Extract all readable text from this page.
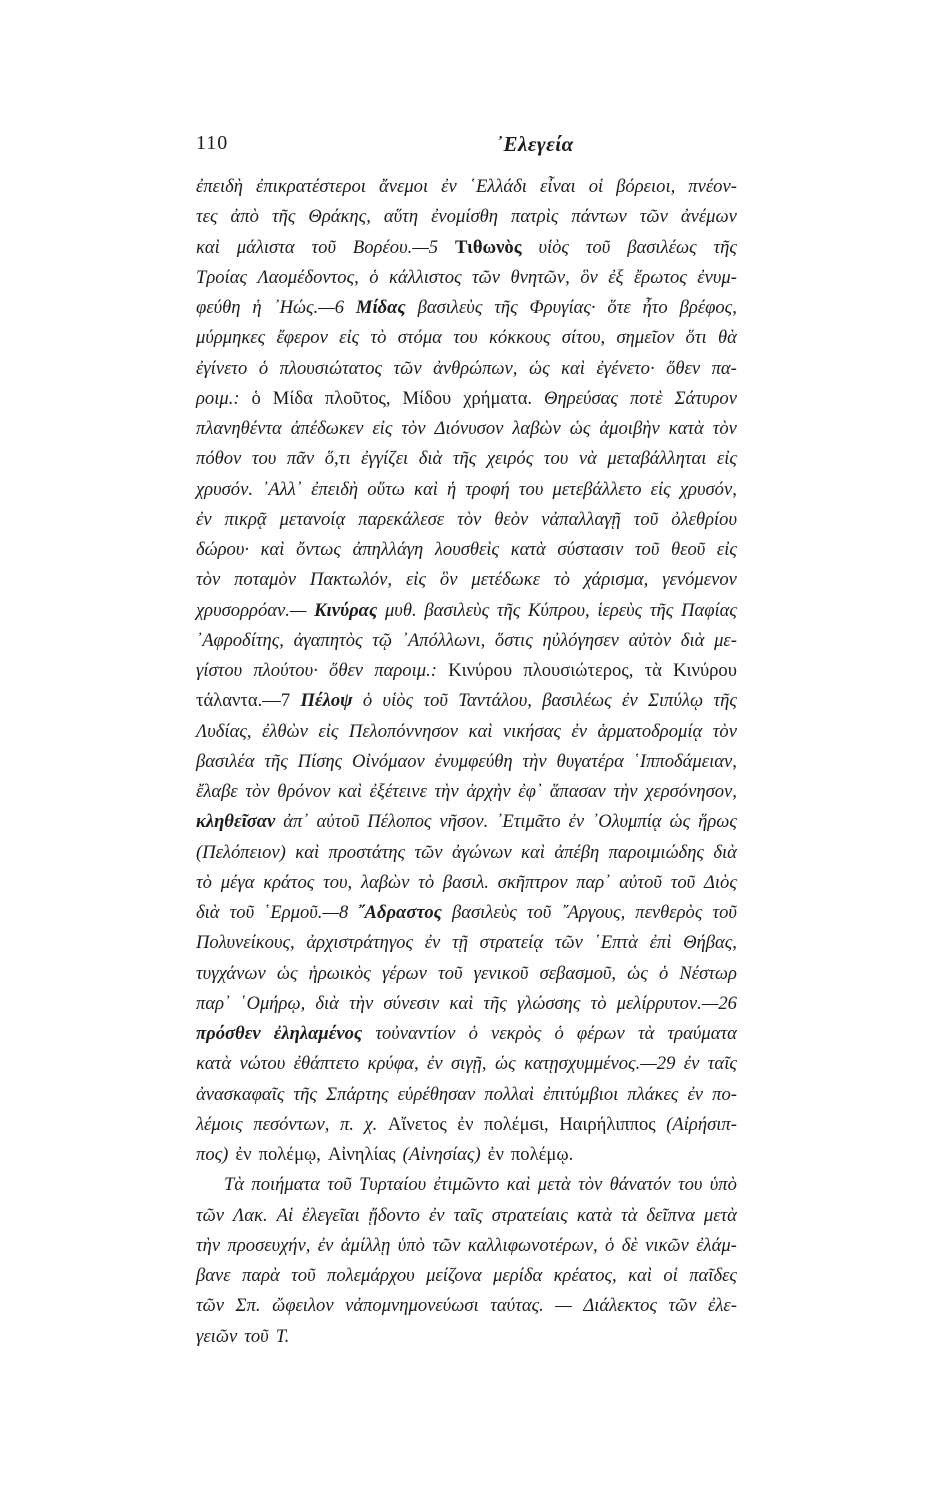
110	᾿Ελεγεία
ἐπειδὴ ἐπικρατέστεροι ἄνεμοι ἐν ῾Ελλάδι εἶναι οἱ βόρειοι, πνέον-
τες ἀπὸ τῆς Θράκης, αὕτη ἐνομίσθη πατρὶς πάντων τῶν ἀνέμων
καὶ μάλιστα τοῦ Βορέου.—5 Τιθωνὸς υἱὸς τοῦ βασιλέως τῆς
Τροίας Λαομέδοντος, ὁ κάλλιστος τῶν θνητῶν, ὃν ἐξ ἔρωτος ἐνυμ-
φεύθη ἡ ᾿Ηώς.—6 Μίδας βασιλεὺς τῆς Φρυγίας· ὅτε ἦτο βρέφος,
μύρμηκες ἔφερον εἰς τὸ στόμα του κόκκους σίτου, σημεῖον ὅτι θὰ
ἐγίνετο ὁ πλουσιώτατος τῶν ἀνθρώπων, ὡς καὶ ἐγένετο· ὅθεν πα-
ροιμ.: ὁ Μίδα πλοῦτος, Μίδου χρήματα. Θηρεύσας ποτὲ Σάτυρον
πλανηθέντα ἀπέδωκεν εἰς τὸν Διόνυσον λαβὼν ὡς ἀμοιβὴν κατὰ τὸν
πόθον του πᾶν ὅ,τι ἐγγίζει διὰ τῆς χειρός του νὰ μεταβάλληται εἰς
χρυσόν. ᾿Αλλ᾿ ἐπειδὴ οὕτω καὶ ἡ τροφή του μετεβάλλετο εἰς χρυσόν,
ἐν πικρᾷ μετανοίᾳ παρεκάλεσε τὸν θεὸν νἀπαλλαγῇ τοῦ ὀλεθρίου
δώρου· καὶ ὄντως ἀπηλλάγη λουσθεὶς κατὰ σύστασιν τοῦ θεοῦ εἰς
τὸν ποταμὸν Πακτωλόν, εἰς ὃν μετέδωκε τὸ χάρισμα, γενόμενον
χρυσορρόαν.— Κινύρας μυθ. βασιλεὺς τῆς Κύπρου, ἱερεὺς τῆς Παφίας
᾿Αφροδίτης, ἀγαπητὸς τῷ ᾿Απόλλωνι, ὅστις ηὐλόγησεν αὐτὸν διὰ με-
γίστου πλούτου· ὅθεν παροιμ.: Κινύρου πλουσιώτερος, τὰ Κινύρου
τάλαντα.—7 Πέλοψ ὁ υἱὸς τοῦ Ταντάλου, βασιλέως ἐν Σιπύλῳ τῆς
Λυδίας, ἐλθὼν εἰς Πελοπόννησον καὶ νικήσας ἐν ἁρματοδρομίᾳ τὸν
βασιλέα τῆς Πίσης Οἰνόμαον ἐνυμφεύθη τὴν θυγατέρα ῾Ιπποδάμειαν,
ἔλαβε τὸν θρόνον καὶ ἐξέτεινε τὴν ἀρχὴν ἐφ᾿ ἅπασαν τὴν χερσόνησον,
κληθεῖσαν ἀπ᾿ αὐτοῦ Πέλοπος νῆσον. ᾿Ετιμᾶτο ἐν ᾿Ολυμπίᾳ ὡς ἥρως
(Πελόπειον) καὶ προστάτης τῶν ἀγώνων καὶ ἀπέβη παροιμιώδης διὰ
τὸ μέγα κράτος του, λαβὼν τὸ βασιλ. σκῆπτρον παρ᾿ αὐτοῦ τοῦ Διὸς
διὰ τοῦ ῾Ερμοῦ.—8 ῎Αδραστος βασιλεὺς τοῦ ῎Αργους, πενθερὸς τοῦ
Πολυνείκους, ἀρχιστράτηγος ἐν τῇ στρατείᾳ τῶν ῾Επτὰ ἐπὶ Θήβας,
τυγχάνων ὡς ἡρωικὸς γέρων τοῦ γενικοῦ σεβασμοῦ, ὡς ὁ Νέστωρ
παρ᾿ ῾Ομήρῳ, διὰ τὴν σύνεσιν καὶ τῆς γλώσσης τὸ μελίρρυτον.—26
πρόσθεν ἐληλαμένος τοὐναντίον ὁ νεκρὸς ὁ φέρων τὰ τραύματα
κατὰ νώτου ἐθάπτετο κρύφα, ἐν σιγῇ, ὡς κατῃσχυμμένος.—29 ἐν ταῖς
ἀνασκαφαῖς τῆς Σπάρτης εὑρέθησαν πολλαὶ ἐπιτύμβιοι πλάκες ἐν πο-
λέμοις πεσόντων, π. χ. Αἴνετος ἐν πολέμϭι, Ηαιρήλιππος (Αἰρήσιπ-
πος) ἐν πολέμῳ, Αἰνηλίας (Αἰνησίας) ἐν πολέμῳ.
Τὰ ποιήματα τοῦ Τυρταίου ἐτιμῶντο καὶ μετὰ τὸν θάνατόν του ὑπὸ
τῶν Λακ. Αἱ ἐλεγεῖαι ᾔδοντο ἐν ταῖς στρατείαις κατὰ τὰ δεῖπνα μετὰ
τὴν προσευχήν, ἐν ἁμίλλῃ ὑπὸ τῶν καλλιφωνοτέρων, ὁ δὲ νικῶν ἐλάμ-
βανε παρὰ τοῦ πολεμάρχου μείζονα μερίδα κρέατος, καὶ οἱ παῖδες
τῶν Σπ. ὤφειλον νἀπομνημονεύωσι ταύτας. — Διάλεκτος τῶν ἐλε-
γειῶν τοῦ Τ.
